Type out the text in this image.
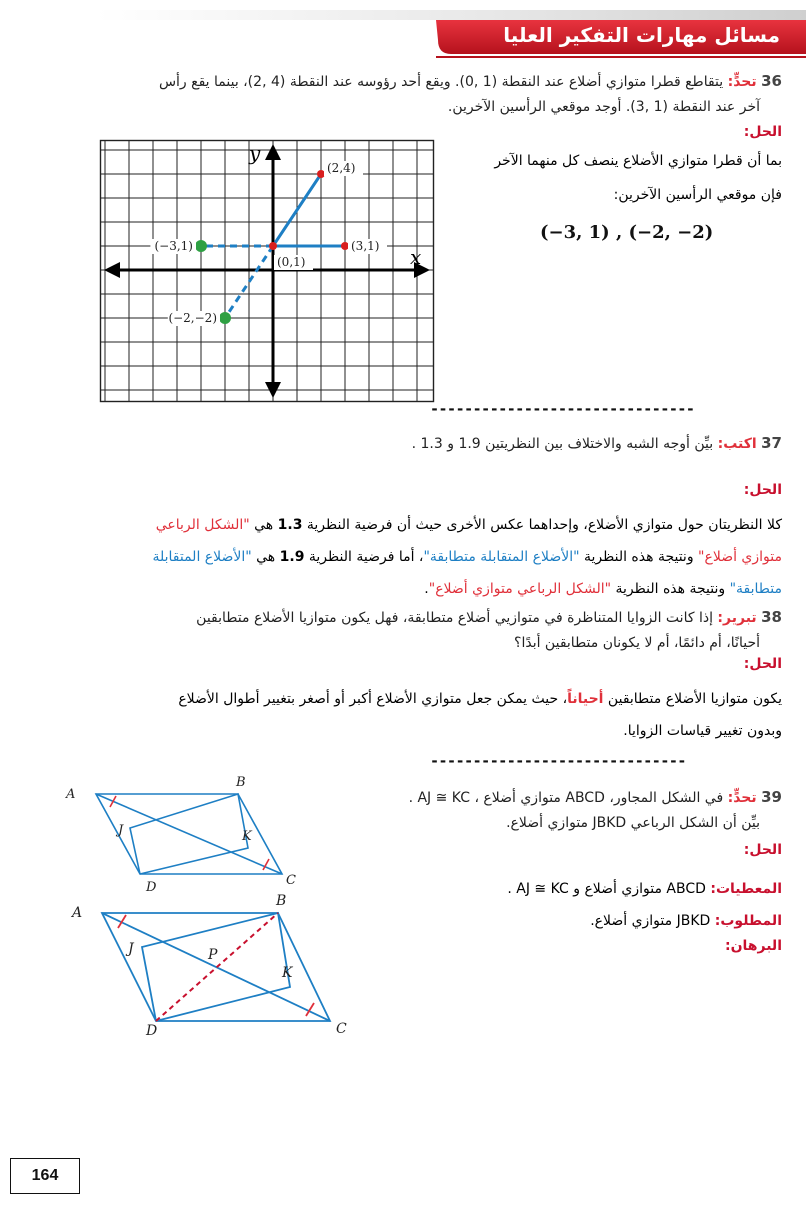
مسائل مهارات التفكير العليا
36 تحدٍّ: يتقاطع قطرا متوازي أضلاع عند النقطة (1 ,0). ويقع أحد رؤوسه عند النقطة (4 ,2)، بينما يقع رأس
آخر عند النقطة (1 ,3). أوجد موقعي الرأسين الآخرين.
الحل:
بما أن قطرا متوازي الأضلاع ينصف كل منهما الآخر
فإن موقعي الرأسين الآخرين:
(−3, 1) , (−2, −2)
(2,4)
(3,1)
(0,1)
(−3,1)
(−2,−2)
x
y
-------------------------------
37 اكتب: بيِّن أوجه الشبه والاختلاف بين النظريتين 1.9 و 1.3 .
الحل:
كلا النظريتان حول متوازي الأضلاع، وإحداهما عكس الأخرى حيث أن فرضية النظرية 1.3 هي "الشكل الرباعي
متوازي أضلاع" ونتيجة هذه النظرية "الأضلاع المتقابلة متطابقة"، أما فرضية النظرية 1.9 هي "الأضلاع المتقابلة
متطابقة" ونتيجة هذه النظرية "الشكل الرباعي متوازي أضلاع".
38 تبرير: إذا كانت الزوايا المتناظرة في متوازيي أضلاع متطابقة، فهل يكون متوازيا الأضلاع متطابقين
أحيانًا، أم دائمًا، أم لا يكونان متطابقين أبدًا؟
الحل:
يكون متوازيا الأضلاع متطابقين أحياناً، حيث يمكن جعل متوازي الأضلاع أكبر أو أصغر بتغيير أطوال الأضلاع
وبدون تغيير قياسات الزوايا.
------------------------------
39 تحدٍّ: في الشكل المجاور، ABCD متوازي أضلاع ، AJ ≅ KC .
بيِّن أن الشكل الرباعي JBKD متوازي أضلاع.
الحل:
المعطيات: ABCD متوازي أضلاع و AJ ≅ KC .
المطلوب: JBKD متوازي أضلاع.
البرهان:
A
B
C
D
J	K
A
B
C
D
J	P
K
164
